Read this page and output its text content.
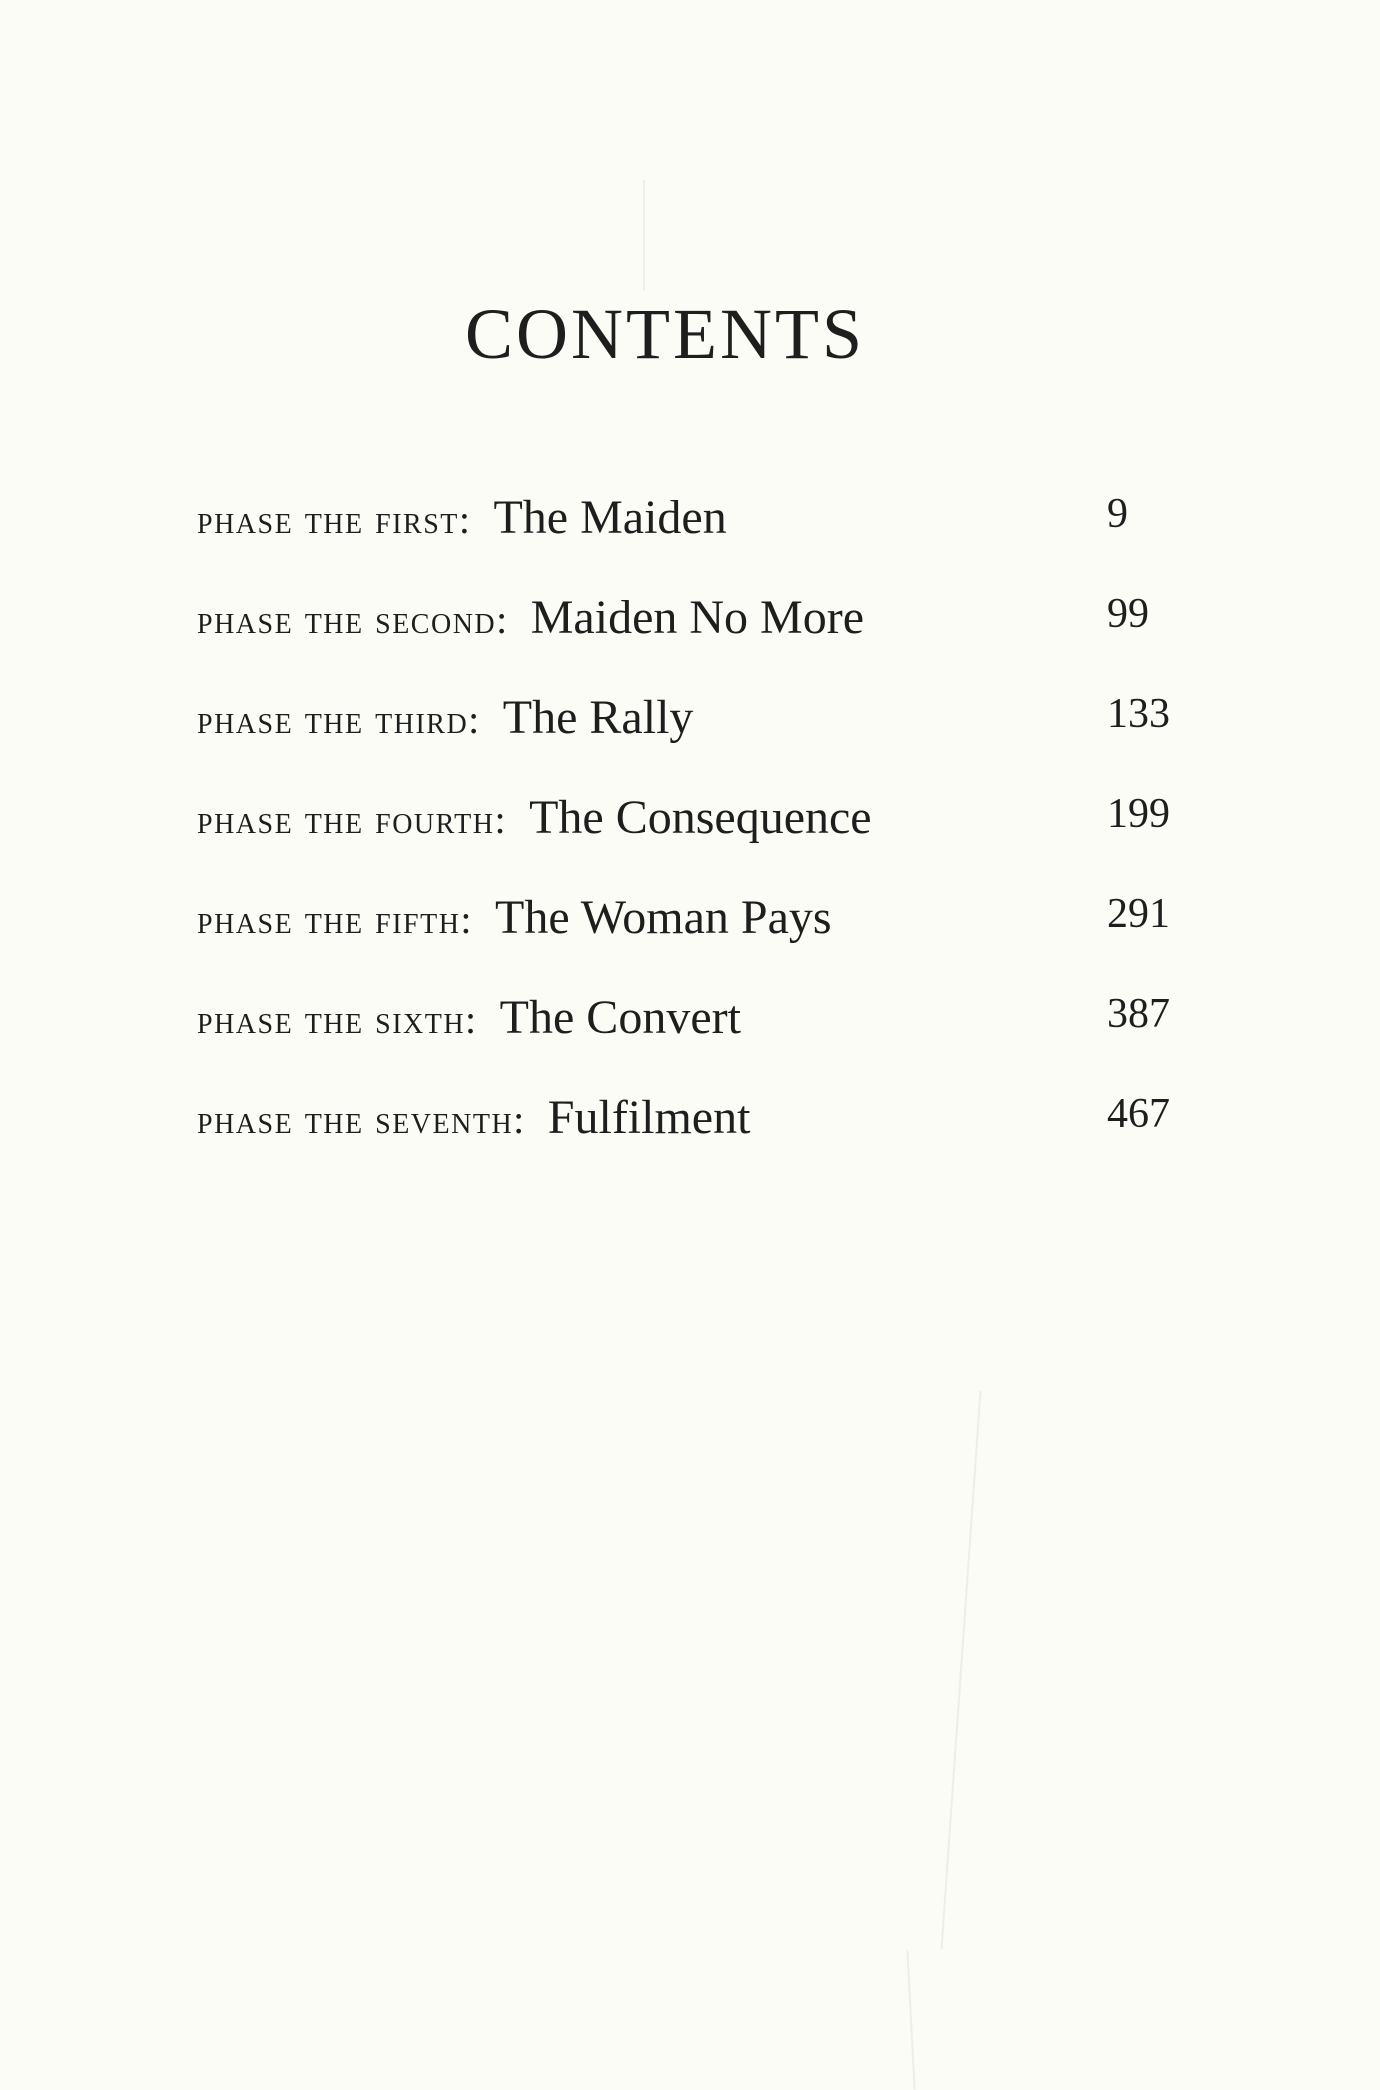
CONTENTS
phase the first: The Maiden	9
phase the second: Maiden No More	99
phase the third: The Rally	133
phase the fourth: The Consequence	199
phase the fifth: The Woman Pays	291
phase the sixth: The Convert	387
phase the seventh: Fulfilment	467
